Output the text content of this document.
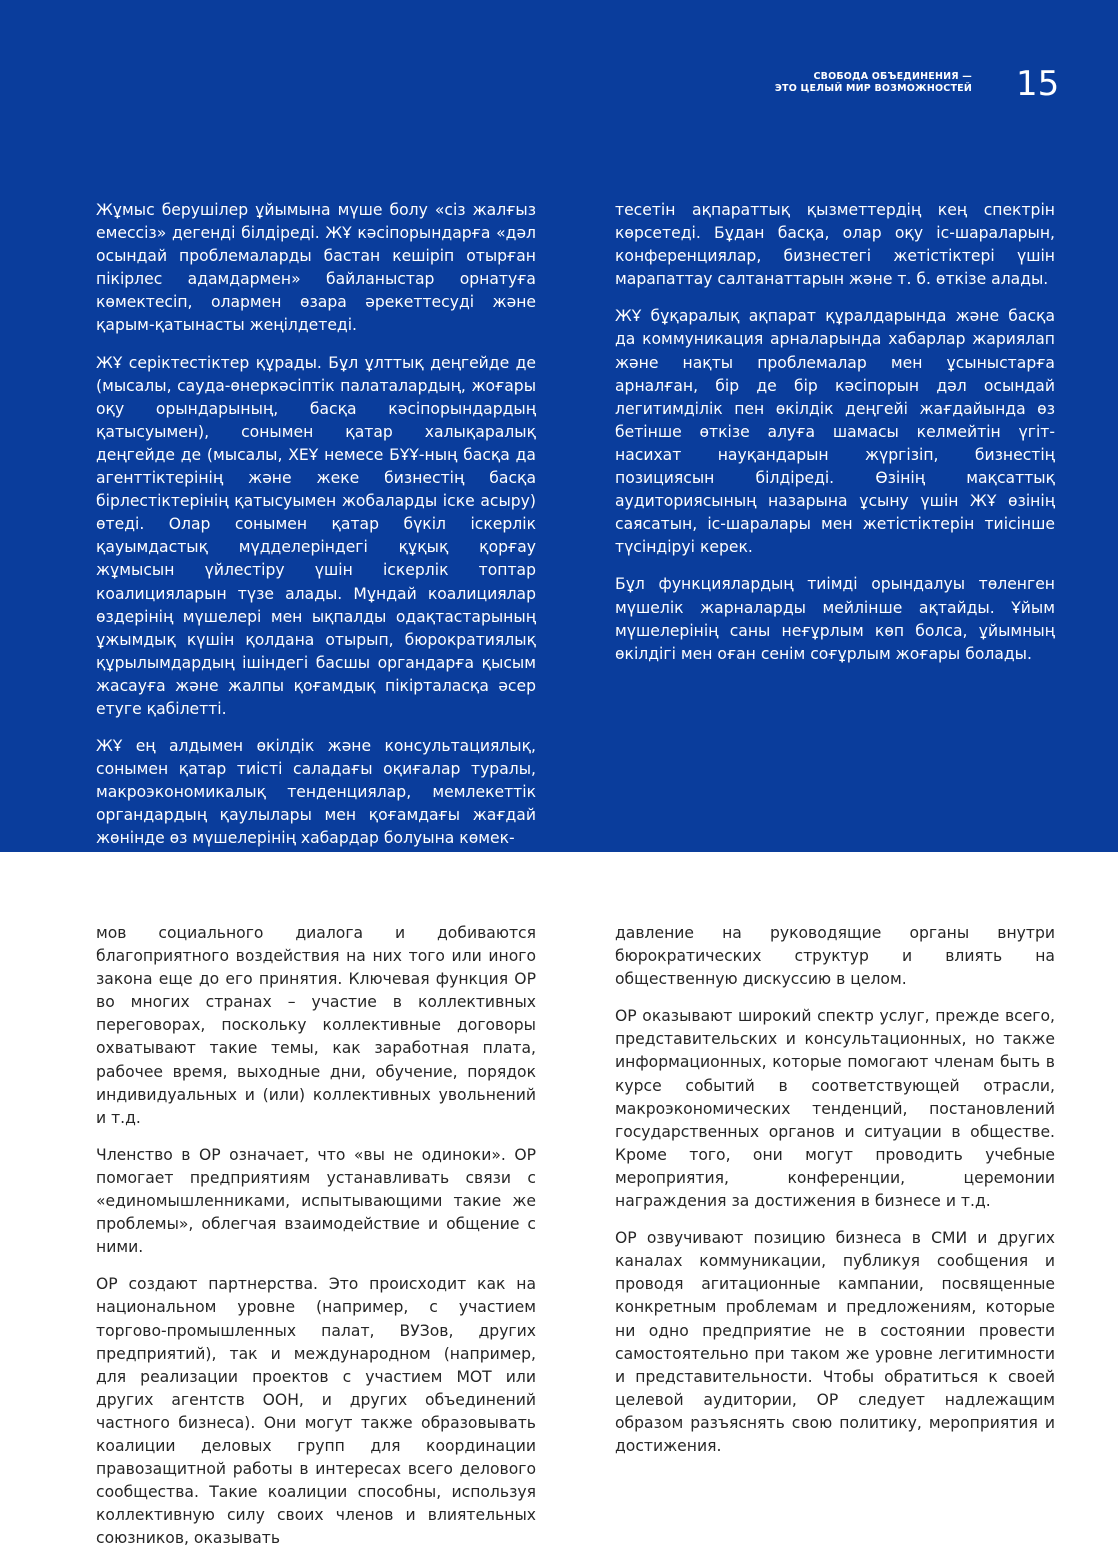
СВОБОДА ОБЪЕДИНЕНИЯ —
ЭТО ЦЕЛЫЙ МИР ВОЗМОЖНОСТЕЙ 15

Жұмыс берушілер ұйымына мүше болу «сіз жалғыз емессіз» дегенді білдіреді. ЖҰ кәсіпорындарға «дәл осындай проблемаларды бастан кешіріп отырған пікірлес адамдармен» байланыстар орнатуға көмектесіп, олармен өзара әрекеттесуді және қарым-қатынасты жеңілдетеді.

ЖҰ серіктестіктер құрады. Бұл ұлттық деңгейде де (мысалы, сауда-өнеркәсіптік палаталардың, жоғары оқу орындарының, басқа кәсіпорындардың қатысуымен), сонымен қатар халықаралық деңгейде де (мысалы, ХЕҰ немесе БҰҰ-ның басқа да агенттіктерінің және жеке бизнестің басқа бірлестіктерінің қатысуымен жобаларды іске асыру) өтеді. Олар сонымен қатар бүкіл іскерлік қауымдастық мүдделеріндегі құқық қорғау жұмысын үйлестіру үшін іскерлік топтар коалицияларын түзе алады. Мұндай коалициялар өздерінің мүшелері мен ықпалды одақтастарының ұжымдық күшін қолдана отырып, бюрократиялық құрылымдардың ішіндегі басшы органдарға қысым жасауға және жалпы қоғамдық пікірталасқа әсер етуге қабілетті.

ЖҰ ең алдымен өкілдік және консультациялық, сонымен қатар тиісті саладағы оқиғалар туралы, макроэкономикалық тенденциялар, мемлекеттік органдардың қаулылары мен қоғамдағы жағдай жөнінде өз мүшелерінің хабардар болуына көмек-

тесетін ақпараттық қызметтердің кең спектрін көрсетеді. Бұдан басқа, олар оқу іс-шараларын, конференциялар, бизнестегі жетістіктері үшін марапаттау салтанаттарын және т. б. өткізе алады.

ЖҰ бұқаралық ақпарат құралдарында және басқа да коммуникация арналарында хабарлар жариялап және нақты проблемалар мен ұсыныстарға арналған, бір де бір кәсіпорын дәл осындай легитимділік пен өкілдік деңгейі жағдайында өз бетінше өткізе алуға шамасы келмейтін үгіт-насихат науқандарын жүргізіп, бизнестің позициясын білдіреді. Өзінің мақсаттық аудиториясының назарына ұсыну үшін ЖҰ өзінің саясатын, іс-шаралары мен жетістіктерін тиісінше түсіндіруі керек.

Бұл функциялардың тиімді орындалуы төленген мүшелік жарналарды мейлінше ақтайды. Ұйым мүшелерінің саны неғұрлым көп болса, ұйымның өкілдігі мен оған сенім соғұрлым жоғары болады.

мов социального диалога и добиваются благоприятного воздействия на них того или иного закона еще до его принятия. Ключевая функция ОР во многих странах – участие в коллективных переговорах, поскольку коллективные договоры охватывают такие темы, как заработная плата, рабочее время, выходные дни, обучение, порядок индивидуальных и (или) коллективных увольнений и т.д.

Членство в ОР означает, что «вы не одиноки». ОР помогает предприятиям устанавливать связи с «единомышленниками, испытывающими такие же проблемы», облегчая взаимодействие и общение с ними.

ОР создают партнерства. Это происходит как на национальном уровне (например, с участием торгово-промышленных палат, ВУЗов, других предприятий), так и международном (например, для реализации проектов с участием МОТ или других агентств ООН, и других объединений частного бизнеса). Они могут также образовывать коалиции деловых групп для координации правозащитной работы в интересах всего делового сообщества. Такие коалиции способны, используя коллективную силу своих членов и влиятельных союзников, оказывать

давление на руководящие органы внутри бюрократических структур и влиять на общественную дискуссию в целом.

ОР оказывают широкий спектр услуг, прежде всего, представительских и консультационных, но также информационных, которые помогают членам быть в курсе событий в соответствующей отрасли, макроэкономических тенденций, постановлений государственных органов и ситуации в обществе. Кроме того, они могут проводить учебные мероприятия, конференции, церемонии награждения за достижения в бизнесе и т.д.

ОР озвучивают позицию бизнеса в СМИ и других каналах коммуникации, публикуя сообщения и проводя агитационные кампании, посвященные конкретным проблемам и предложениям, которые ни одно предприятие не в состоянии провести самостоятельно при таком же уровне легитимности и представительности. Чтобы обратиться к своей целевой аудитории, ОР следует надлежащим образом разъяснять свою политику, мероприятия и достижения.
